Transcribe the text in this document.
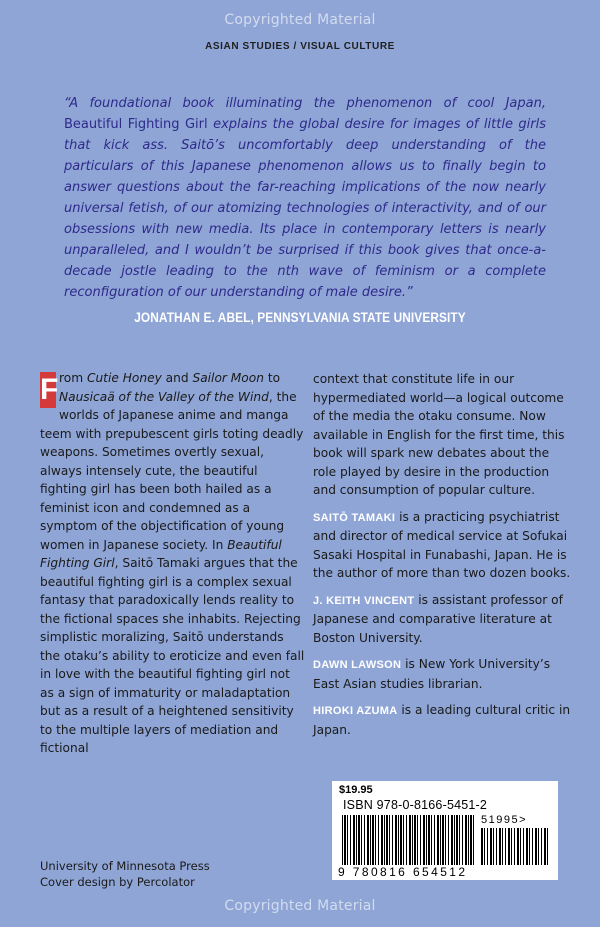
Copyrighted Material
ASIAN STUDIES / VISUAL CULTURE

“A foundational book illuminating the phenomenon of cool Japan, Beautiful Fighting Girl explains the global desire for images of little girls that kick ass. Saitō’s uncomfortably deep understanding of the particulars of this Japanese phenomenon allows us to finally begin to answer questions about the far-reaching implications of the now nearly universal fetish, of our atomizing technologies of interactivity, and of our obsessions with new media. Its place in contemporary letters is nearly unparalleled, and I wouldn’t be surprised if this book gives that once-a-decade jostle leading to the nth wave of feminism or a complete reconfiguration of our understanding of male desire.”

JONATHAN E. ABEL, PENNSYLVANIA STATE UNIVERSITY

F rom Cutie Honey and Sailor Moon to Nausicaä of the Valley of the Wind, the worlds of Japanese anime and manga teem with prepubescent girls toting deadly weapons. Sometimes overtly sexual, always intensely cute, the beautiful fighting girl has been both hailed as a feminist icon and condemned as a symptom of the objectification of young women in Japanese society. In Beautiful Fighting Girl, Saitō Tamaki argues that the beautiful fighting girl is a complex sexual fantasy that paradoxically lends reality to the fictional spaces she inhabits. Rejecting simplistic moralizing, Saitō understands the otaku’s ability to eroticize and even fall in love with the beautiful fighting girl not as a sign of immaturity or maladaptation but as a result of a heightened sensitivity to the multiple layers of mediation and fictional

context that constitute life in our hypermediated world—a logical outcome of the media the otaku consume. Now available in English for the first time, this book will spark new debates about the role played by desire in the production and consumption of popular culture.

SAITŌ TAMAKI is a practicing psychiatrist and director of medical service at Sofukai Sasaki Hospital in Funabashi, Japan. He is the author of more than two dozen books.

J. KEITH VINCENT is assistant professor of Japanese and comparative literature at Boston University.

DAWN LAWSON is New York University’s East Asian studies librarian.

HIROKI AZUMA is a leading cultural critic in Japan.

University of Minnesota Press
Cover design by Percolator
$19.95
ISBN 978-0-8166-5451-2
51995>
9 780816 654512
Copyrighted Material
